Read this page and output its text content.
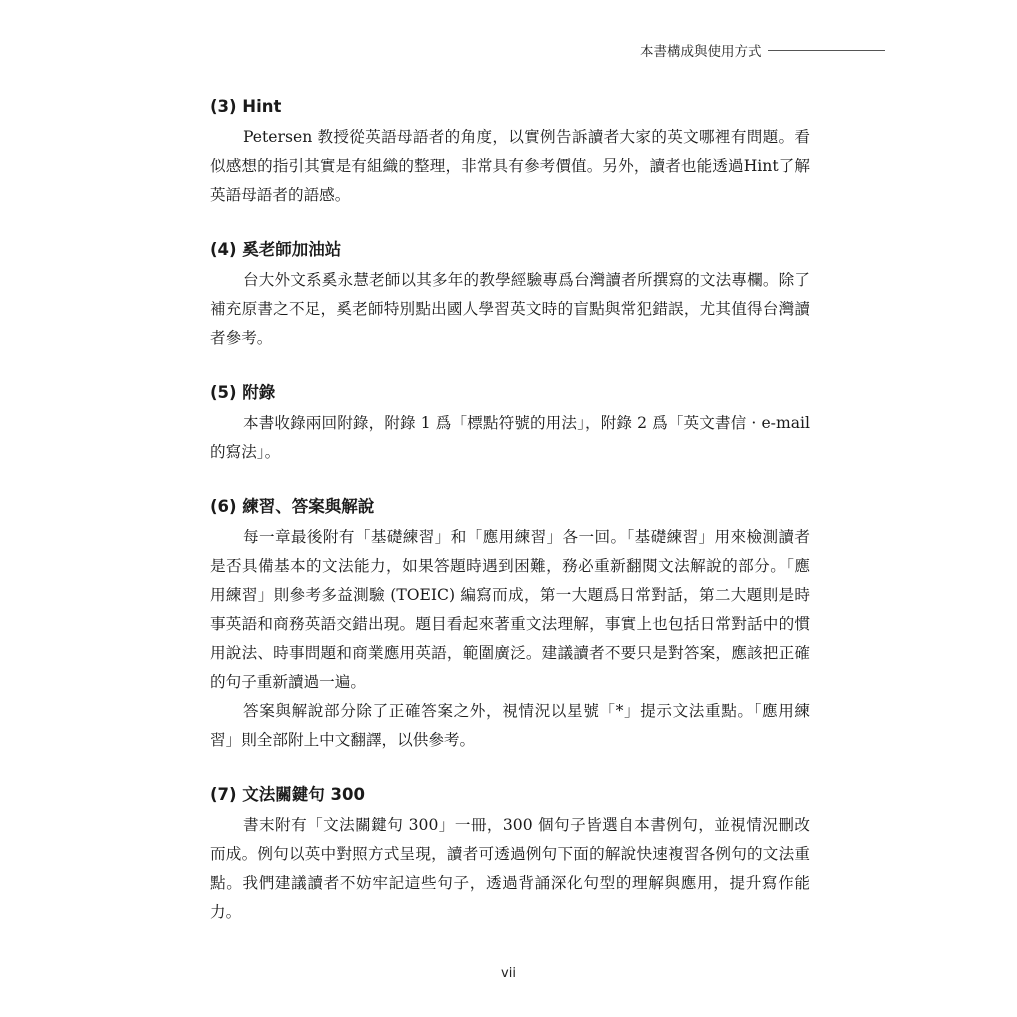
本書構成與使用方式
(3) Hint

Petersen 教授從英語母語者的角度，以實例告訴讀者大家的英文哪裡有問題。看似感想的指引其實是有組織的整理，非常具有參考價值。另外，讀者也能透過Hint了解英語母語者的語感。

(4) 奚老師加油站

台大外文系奚永慧老師以其多年的教學經驗專爲台灣讀者所撰寫的文法專欄。除了補充原書之不足，奚老師特別點出國人學習英文時的盲點與常犯錯誤，尤其值得台灣讀者參考。

(5) 附錄

本書收錄兩回附錄，附錄 1 爲「標點符號的用法」，附錄 2 爲「英文書信 · e-mail 的寫法」。

(6) 練習、答案與解說

每一章最後附有「基礎練習」和「應用練習」各一回。「基礎練習」用來檢測讀者是否具備基本的文法能力，如果答題時遇到困難，務必重新翻閱文法解說的部分。「應用練習」則參考多益測驗 (TOEIC) 編寫而成，第一大題爲日常對話，第二大題則是時事英語和商務英語交錯出現。題目看起來著重文法理解，事實上也包括日常對話中的慣用說法、時事問題和商業應用英語，範圍廣泛。建議讀者不要只是對答案，應該把正確的句子重新讀過一遍。

答案與解說部分除了正確答案之外，視情況以星號「*」提示文法重點。「應用練習」則全部附上中文翻譯，以供參考。

(7) 文法關鍵句 300

書末附有「文法關鍵句 300」一冊，300 個句子皆選自本書例句，並視情況刪改而成。例句以英中對照方式呈現，讀者可透過例句下面的解說快速複習各例句的文法重點。我們建議讀者不妨牢記這些句子，透過背誦深化句型的理解與應用，提升寫作能力。

vii
